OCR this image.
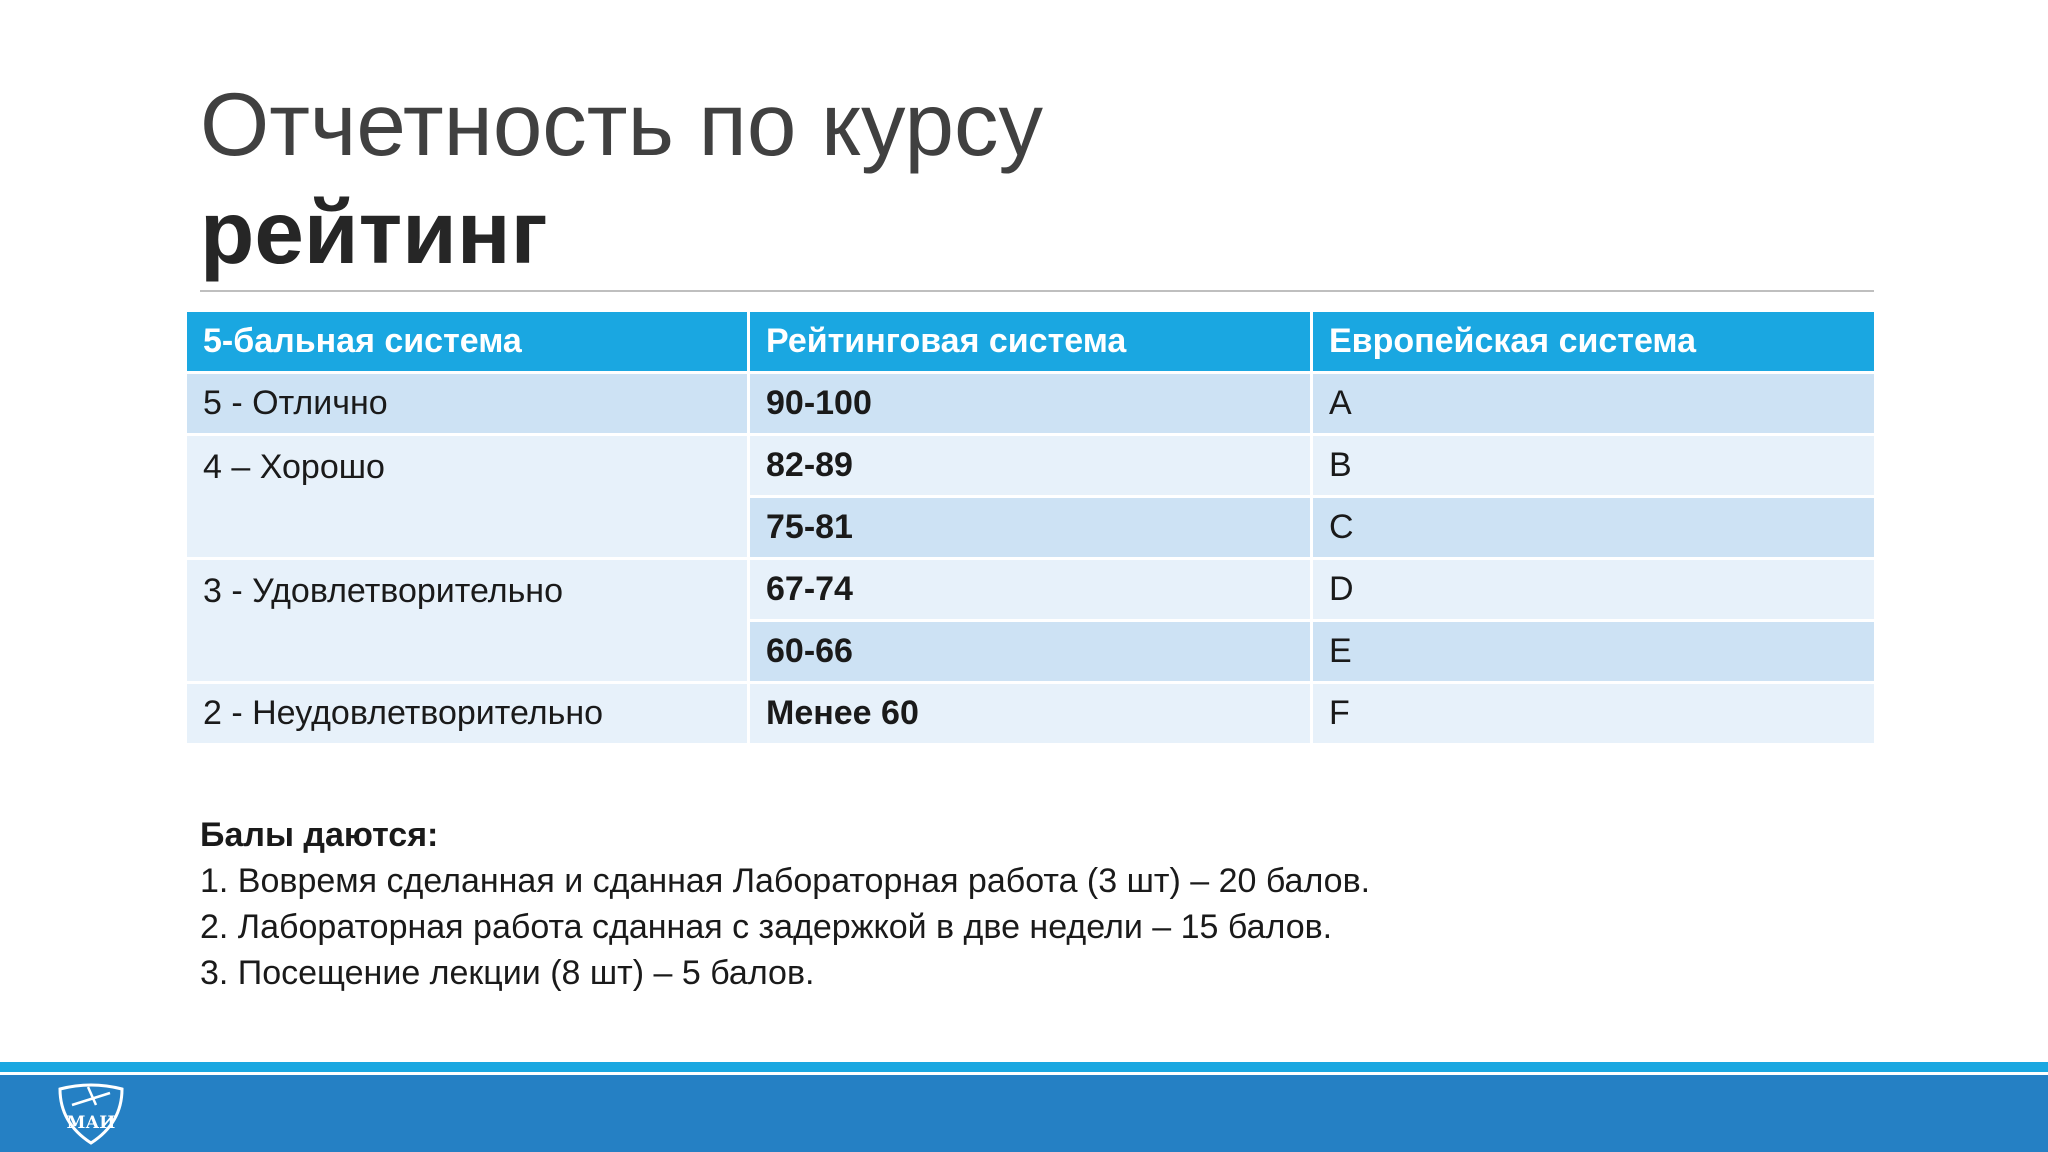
Отчетность по курсу
рейтинг
5-бальная система	Рейтинговая система	Европейская система
5 - Отлично	90-100	A
4 – Хорошо	82-89	B
	75-81	C
3 - Удовлетворительно	67-74	D
	60-66	E
2 - Неудовлетворительно	Менее 60	F
Балы даются:
1. Вовремя сделанная и сданная Лабораторная работа (3 шт) – 20 балов.
2. Лабораторная работа сданная с задержкой в две недели – 15 балов.
3. Посещение лекции (8 шт) – 5 балов.
МАИ
